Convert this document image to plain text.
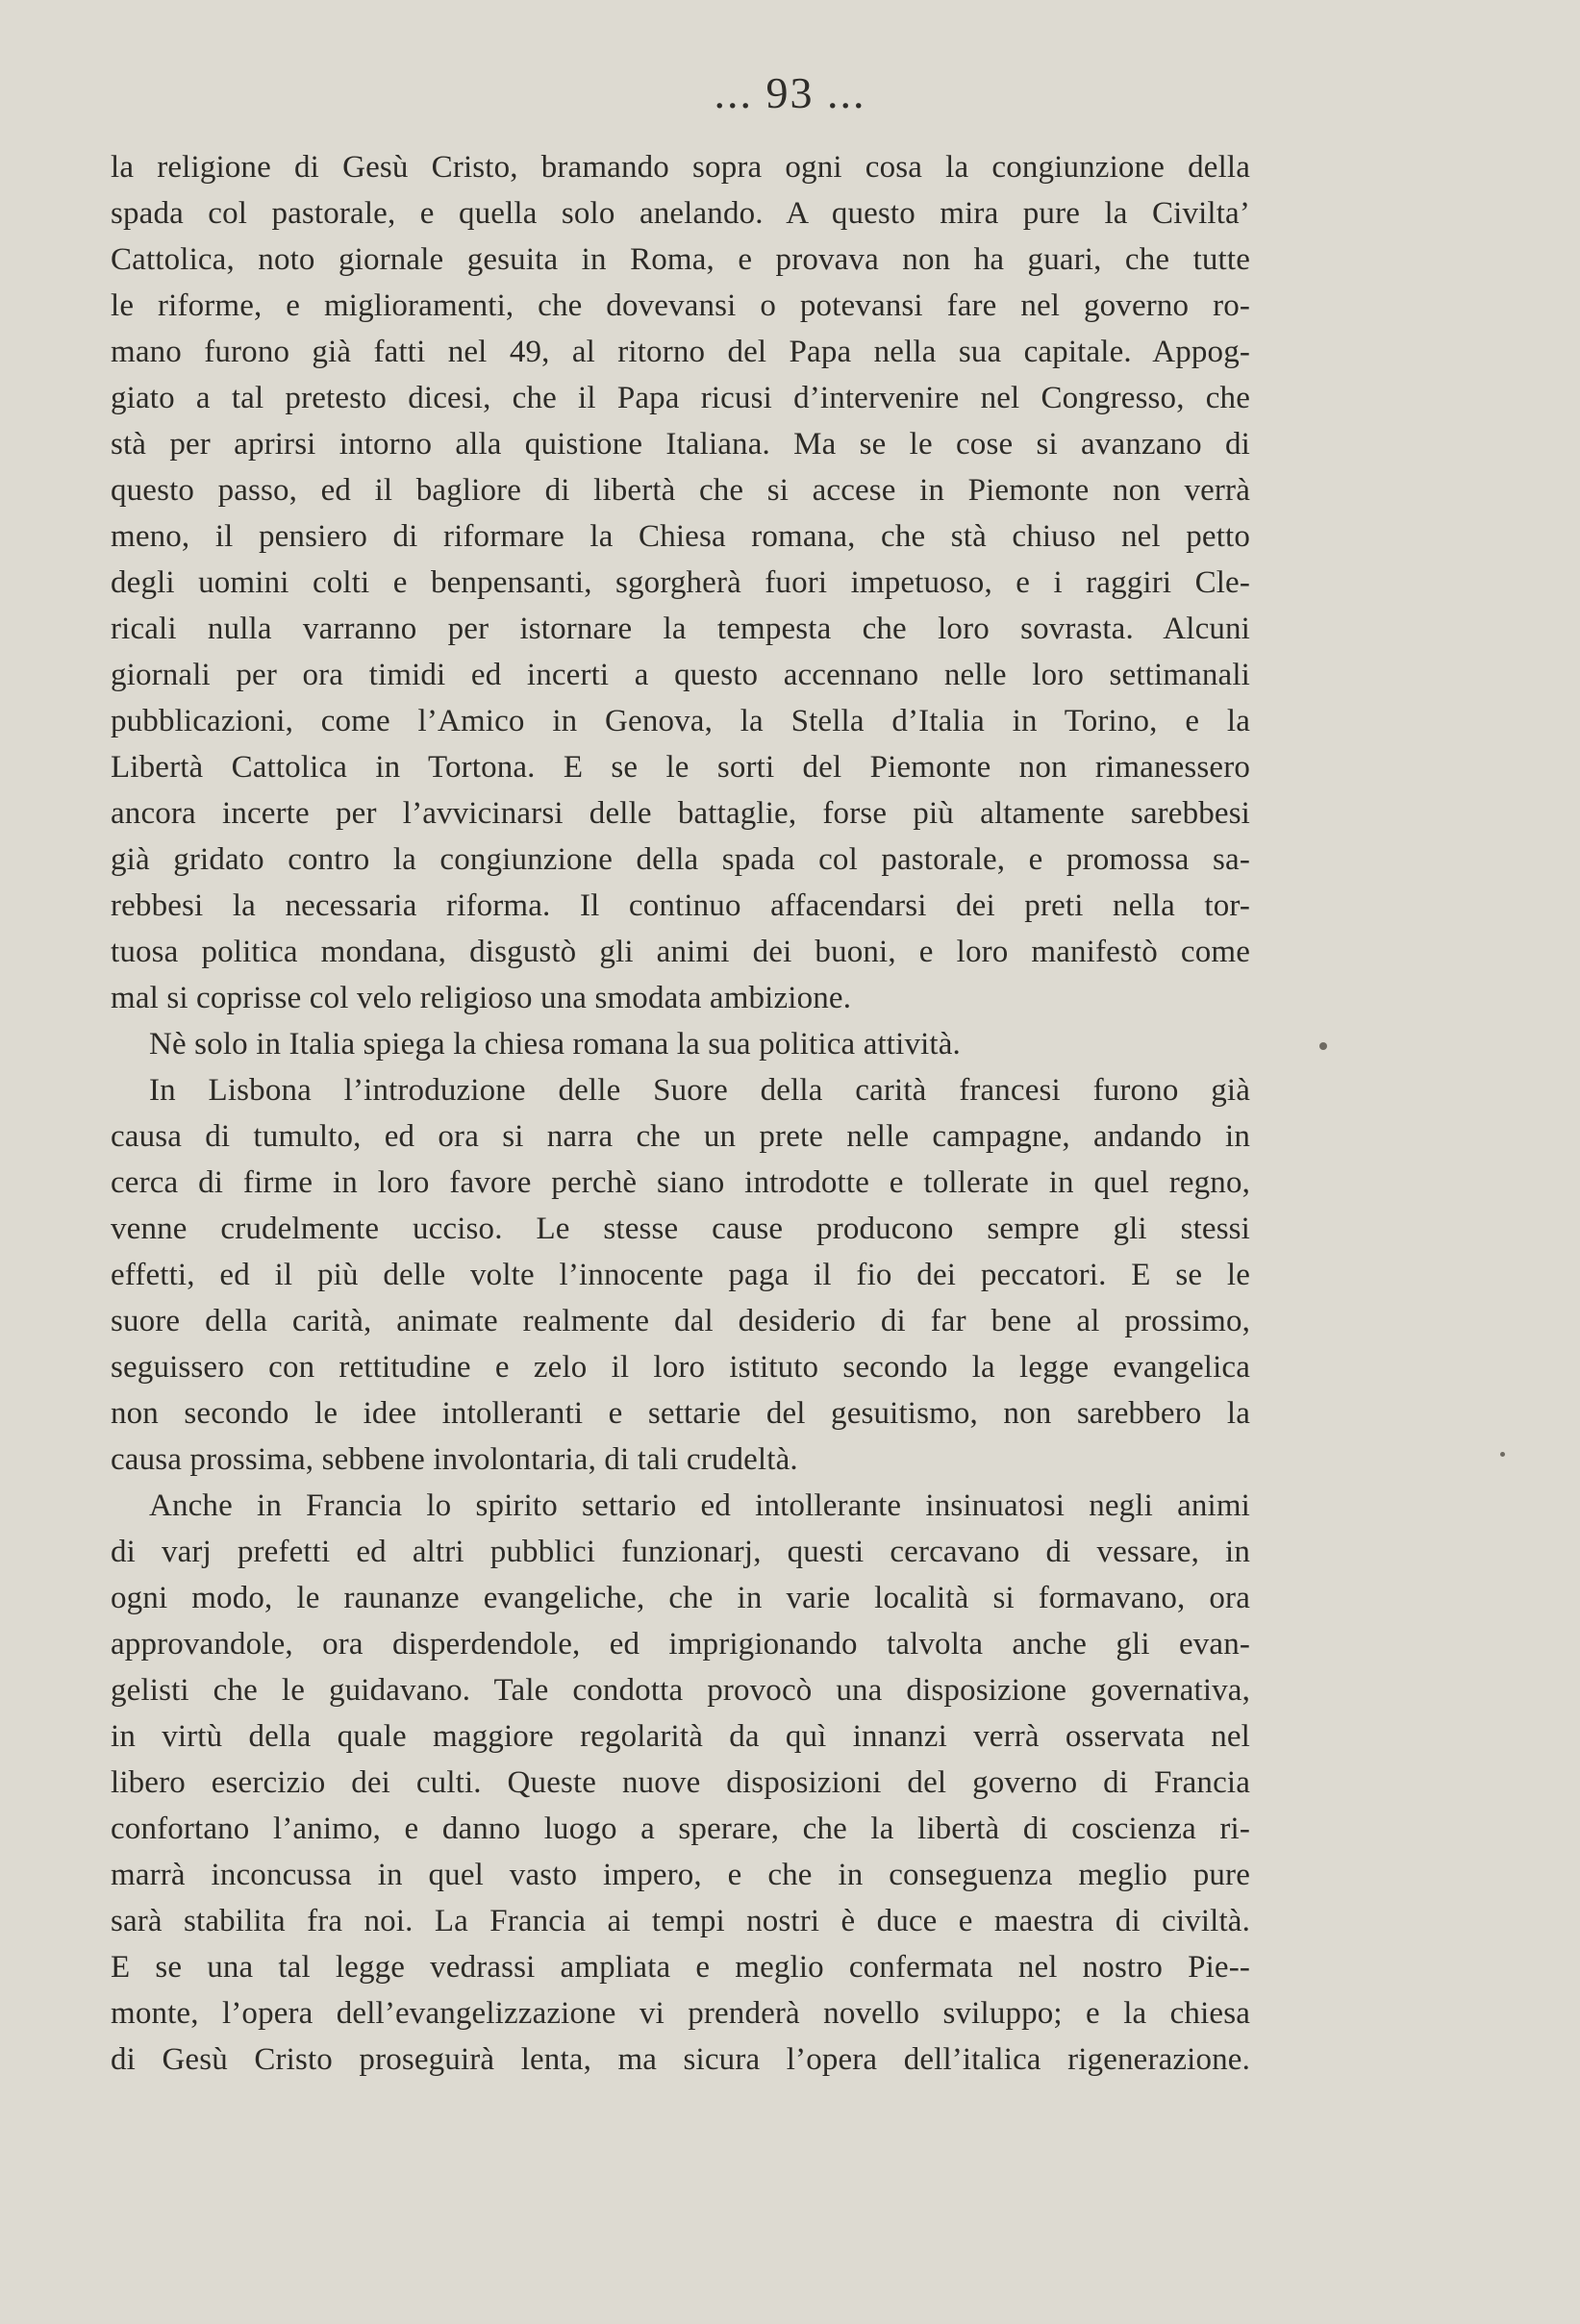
... 93 ...
la religione di Gesù Cristo, bramando sopra ogni cosa la congiunzione della
spada col pastorale, e quella solo anelando. A questo mira pure la Civilta’
Cattolica, noto giornale gesuita in Roma, e provava non ha guari, che tutte
le riforme, e miglioramenti, che dovevansi o potevansi fare nel governo ro-
mano furono già fatti nel 49, al ritorno del Papa nella sua capitale. Appog-
giato a tal pretesto dicesi, che il Papa ricusi d’intervenire nel Congresso, che
stà per aprirsi intorno alla quistione Italiana. Ma se le cose si avanzano di
questo passo, ed il bagliore di libertà che si accese in Piemonte non verrà
meno, il pensiero di riformare la Chiesa romana, che stà chiuso nel petto
degli uomini colti e benpensanti, sgorgherà fuori impetuoso, e i raggiri Cle-
ricali nulla varranno per istornare la tempesta che loro sovrasta. Alcuni
giornali per ora timidi ed incerti a questo accennano nelle loro settimanali
pubblicazioni, come l’Amico in Genova, la Stella d’Italia in Torino, e la
Libertà Cattolica in Tortona. E se le sorti del Piemonte non rimanessero
ancora incerte per l’avvicinarsi delle battaglie, forse più altamente sarebbesi
già gridato contro la congiunzione della spada col pastorale, e promossa sa-
rebbesi la necessaria riforma. Il continuo affacendarsi dei preti nella tor-
tuosa politica mondana, disgustò gli animi dei buoni, e loro manifestò come
mal si coprisse col velo religioso una smodata ambizione.
Nè solo in Italia spiega la chiesa romana la sua politica attività.
In Lisbona l’introduzione delle Suore della carità francesi furono già
causa di tumulto, ed ora si narra che un prete nelle campagne, andando in
cerca di firme in loro favore perchè siano introdotte e tollerate in quel regno,
venne crudelmente ucciso. Le stesse cause producono sempre gli stessi
effetti, ed il più delle volte l’innocente paga il fio dei peccatori. E se le
suore della carità, animate realmente dal desiderio di far bene al prossimo,
seguissero con rettitudine e zelo il loro istituto secondo la legge evangelica
non secondo le idee intolleranti e settarie del gesuitismo, non sarebbero la
causa prossima, sebbene involontaria, di tali crudeltà.
Anche in Francia lo spirito settario ed intollerante insinuatosi negli animi
di varj prefetti ed altri pubblici funzionarj, questi cercavano di vessare, in
ogni modo, le raunanze evangeliche, che in varie località si formavano, ora
approvandole, ora disperdendole, ed imprigionando talvolta anche gli evan-
gelisti che le guidavano. Tale condotta provocò una disposizione governativa,
in virtù della quale maggiore regolarità da quì innanzi verrà osservata nel
libero esercizio dei culti. Queste nuove disposizioni del governo di Francia
confortano l’animo, e danno luogo a sperare, che la libertà di coscienza ri-
marrà inconcussa in quel vasto impero, e che in conseguenza meglio pure
sarà stabilita fra noi. La Francia ai tempi nostri è duce e maestra di civiltà.
E se una tal legge vedrassi ampliata e meglio confermata nel nostro Pie--
monte, l’opera dell’evangelizzazione vi prenderà novello sviluppo; e la chiesa
di Gesù Cristo proseguirà lenta, ma sicura l’opera dell’italica rigenerazione.
